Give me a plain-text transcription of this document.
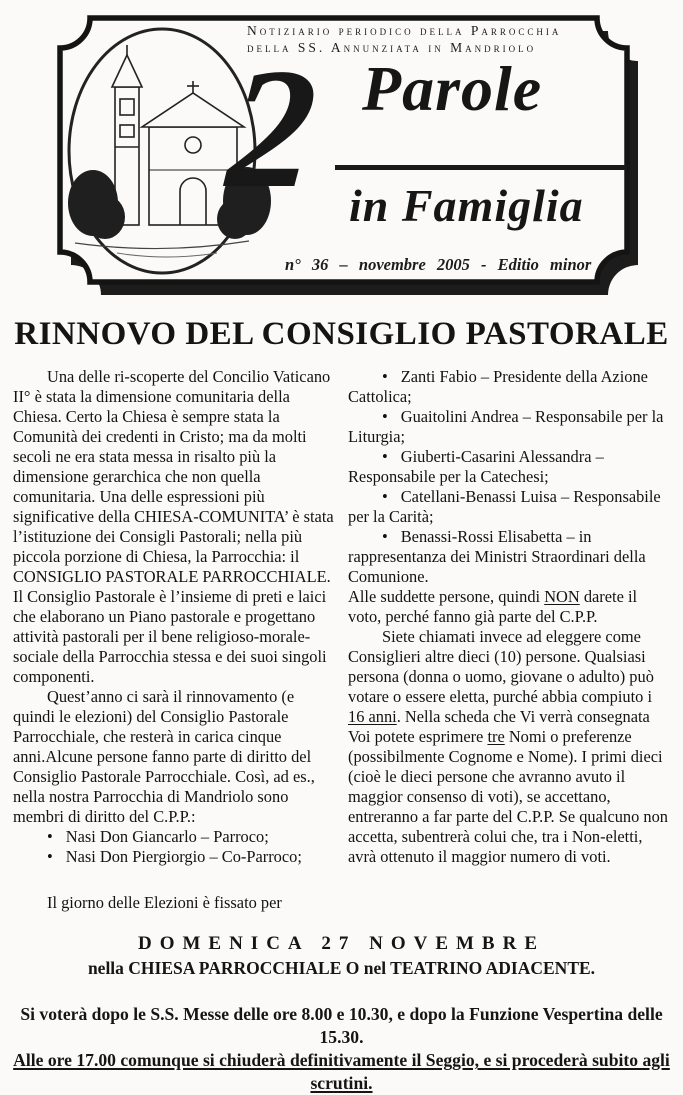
Notiziario periodico della Parrocchia
della SS. Annunziata in Mandriolo
2 Parole
in Famiglia
n° 36 – novembre 2005 - Editio minor
RINNOVO DEL CONSIGLIO PASTORALE

Una delle ri-scoperte del Concilio Vaticano II° è stata la dimensione comunitaria della Chiesa. Certo la Chiesa è sempre stata la Comunità dei credenti in Cristo; ma da molti secoli ne era stata messa in risalto più la dimensione gerarchica che non quella comunitaria. Una delle espressioni più significative della CHIESA-COMUNITA’ è stata l’istituzione dei Consigli Pastorali; nella più piccola porzione di Chiesa, la Parrocchia: il CONSIGLIO PASTORALE PARROCCHIALE. Il Consiglio Pastorale è l’insieme di preti e laici che elaborano un Piano pastorale e progettano attività pastorali per il bene religioso-morale-sociale della Parrocchia stessa e dei suoi singoli componenti.

Quest’anno ci sarà il rinnovamento (e quindi le elezioni) del Consiglio Pastorale Parrocchiale, che resterà in carica cinque anni.Alcune persone fanno parte di diritto del Consiglio Pastorale Parrocchiale. Così, ad es., nella nostra Parrocchia di Mandriolo sono membri di diritto del C.P.P.:

• Nasi Don Giancarlo – Parroco;

• Nasi Don Piergiorgio – Co-Parroco;

Il giorno delle Elezioni è fissato per

• Zanti Fabio – Presidente della Azione Cattolica;

• Guaitolini Andrea – Responsabile per la Liturgia;

• Giuberti-Casarini Alessandra – Responsabile per la Catechesi;

• Catellani-Benassi Luisa – Responsabile per la Carità;

• Benassi-Rossi Elisabetta – in rappresentanza dei Ministri Straordinari della Comunione.

Alle suddette persone, quindi NON darete il voto, perché fanno già parte del C.P.P.

Siete chiamati invece ad eleggere come Consiglieri altre dieci (10) persone. Qualsiasi persona (donna o uomo, giovane o adulto) può votare o essere eletta, purché abbia compiuto i 16 anni. Nella scheda che Vi verrà consegnata Voi potete esprimere tre Nomi o preferenze (possibilmente Cognome e Nome). I primi dieci (cioè le dieci persone che avranno avuto il maggior consenso di voti), se accettano, entreranno a far parte del C.P.P. Se qualcuno non accetta, subentrerà colui che, tra i Non-eletti, avrà ottenuto il maggior numero di voti.

DOMENICA 27 NOVEMBRE
nella CHIESA PARROCCHIALE O nel TEATRINO ADIACENTE.
Si voterà dopo le S.S. Messe delle ore 8.00 e 10.30, e dopo la Funzione Vespertina delle 15.30.
Alle ore 17.00 comunque si chiuderà definitivamente il Seggio, e si procederà subito agli scrutini.
